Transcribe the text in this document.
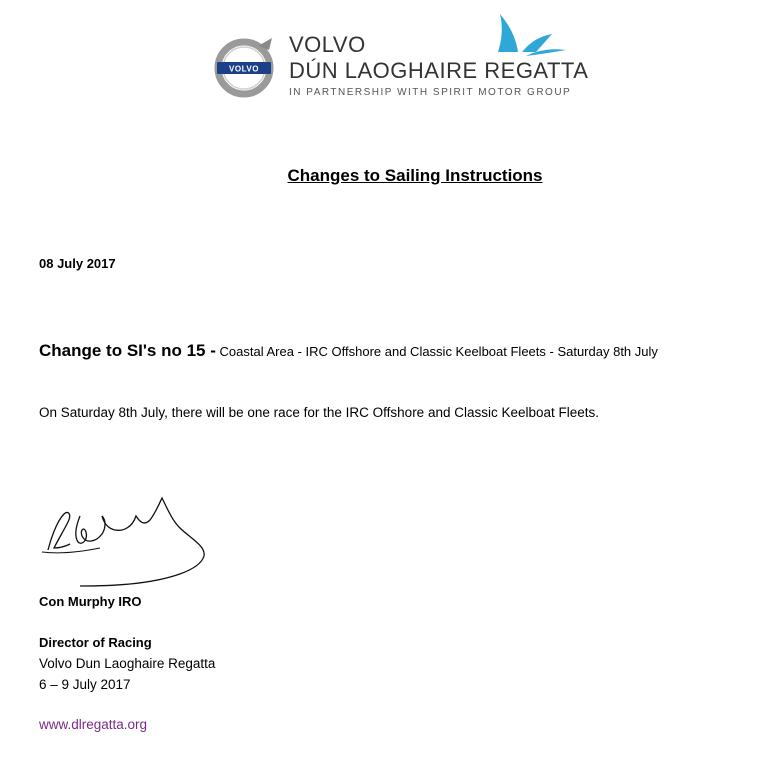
VOLVO
VOLVO
DÚN LAOGHAIRE REGATTA
IN PARTNERSHIP WITH SPIRIT MOTOR GROUP
Changes to Sailing Instructions
08 July 2017
Change to SI's no 15 - Coastal Area - IRC Offshore and Classic Keelboat Fleets - Saturday 8th July
On Saturday 8th July, there will be one race for the IRC Offshore and Classic Keelboat Fleets.
Con Murphy IRO
Director of Racing
Volvo Dun Laoghaire Regatta
6 – 9 July 2017
www.dlregatta.org
